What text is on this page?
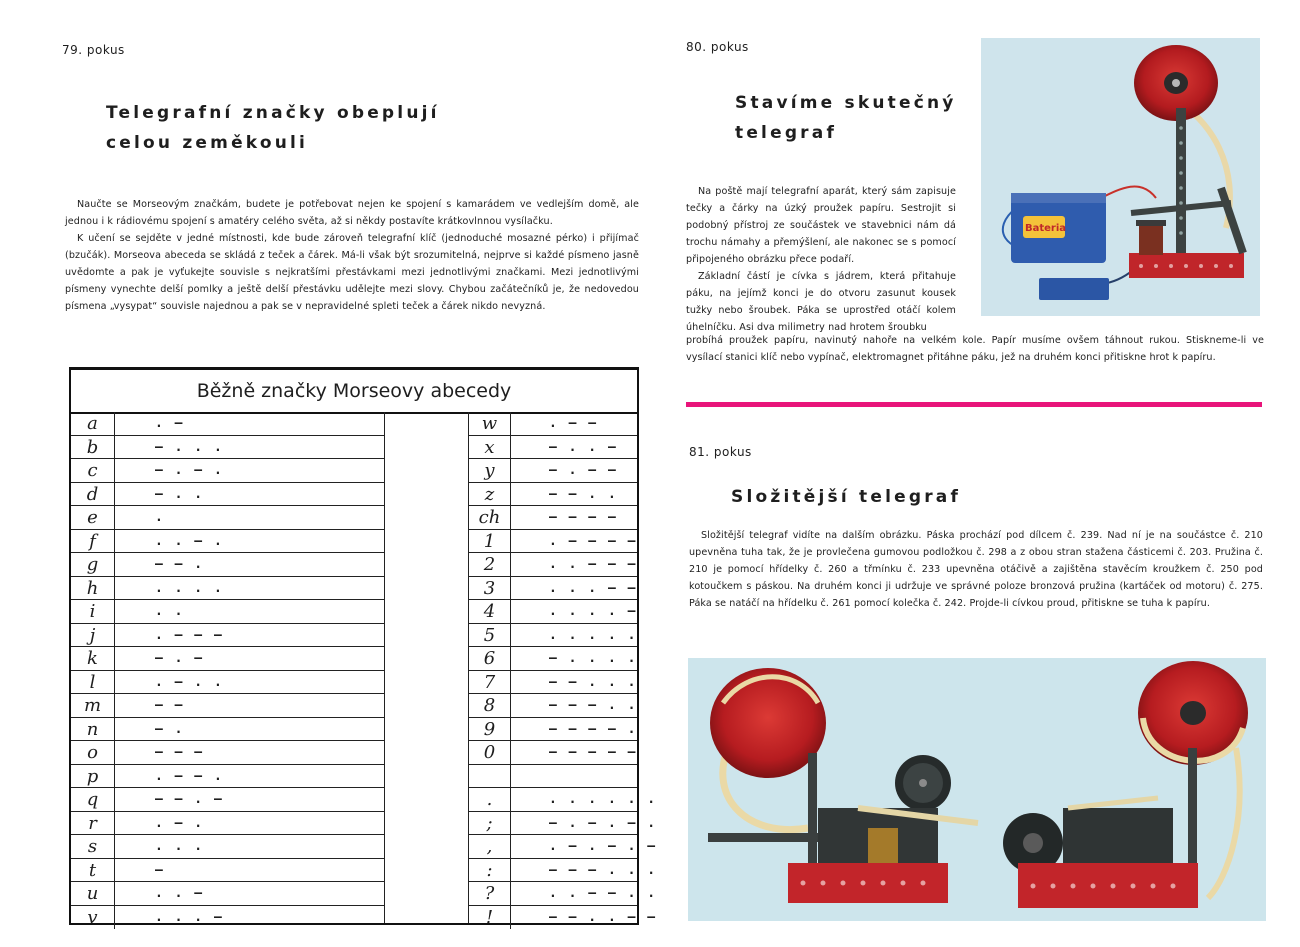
79. pokus
Telegrafní značky obeplují
celou zeměkouli

Naučte se Morseovým značkám, budete je potřebovat nejen ke spojení s kamarádem ve vedlejším domě, ale jednou i k rádiovému spojení s amatéry celého světa, až si někdy postavíte krátkovlnnou vysílačku.

K učení se sejděte v jedné místnosti, kde bude zároveň telegrafní klíč (jednoduché mosazné pérko) i přijímač (bzučák). Morseova abeceda se skládá z teček a čárek. Má-li však být srozumitelná, nejprve si každé písmeno jasně uvědomte a pak je vyťukejte souvisle s nejkratšími přestávkami mezi jednotlivými značkami. Mezi jednotlivými písmeny vynechte delší pomlky a ještě delší přestávku udělejte mezi slovy. Chybou začátečníků je, že nedovedou písmena „vysypat“ souvisle najednou a pak se v nepravidelné spleti teček a čárek nikdo nevyzná.

Běžně značky Morseovy abecedy
a	. –
b	– . . .
c	– . – .
d	– . .
e	.
f	. . – .
g	– – .
h	. . . .
i	. .
j	. – – –
k	– . –
l	. – . .
m	– –
n	– .
o	– – –
p	. – – .
q	– – . –
r	. – .
s	. . .
t	–
u	. . –
v	. . . –
w	. – –
x	– . . –
y	– . – –
z	– – . .
ch	– – – –
1	. – – – –
2	. . – – –
3	. . . – –
4	. . . . –
5	. . . . .
6	– . . . .
7	– – . . .
8	– – – . .
9	– – – – .
0	– – – – –
.	. . . . . .
;	– . – . – .
,	. – . – . –
:	– – – . . .
?	. . – – . .
!	– – . . – –
80. pokus
Stavíme skutečný
telegraf

Na poště mají telegrafní aparát, který sám zapisuje tečky a čárky na úzký proužek papíru. Sestrojit si podobný přístroj ze součástek ve stavebnici nám dá trochu námahy a přemýšlení, ale nakonec se s pomocí připojeného obrázku přece podaří.

Základní částí je cívka s jádrem, která přitahuje páku, na jejímž konci je do otvoru zasunut kousek tužky nebo šroubek. Páka se uprostřed otáčí kolem úhelníčku. Asi dva milimetry nad hrotem šroubku

probíhá proužek papíru, navinutý nahoře na velkém kole. Papír musíme ovšem táhnout rukou. Stiskneme-li ve vysílací stanici klíč nebo vypínač, elektromagnet přitáhne páku, jež na druhém konci přitiskne hrot k papíru.
Bateria
81. pokus
Složitější telegraf

Složitější telegraf vidíte na dalším obrázku. Páska prochází pod dílcem č. 239. Nad ní je na součástce č. 210 upevněna tuha tak, že je provlečena gumovou podložkou č. 298 a z obou stran stažena částicemi č. 203. Pružina č. 210 je pomocí hřídelky č. 260 a třmínku č. 233 upevněna otáčivě a zajištěna stavěcím kroužkem č. 250 pod kotoučkem s páskou. Na druhém konci ji udržuje ve správné poloze bronzová pružina (kartáček od motoru) č. 275. Páka se natáčí na hřídelku č. 261 pomocí kolečka č. 242. Projde-li cívkou proud, přitiskne se tuha k papíru.
